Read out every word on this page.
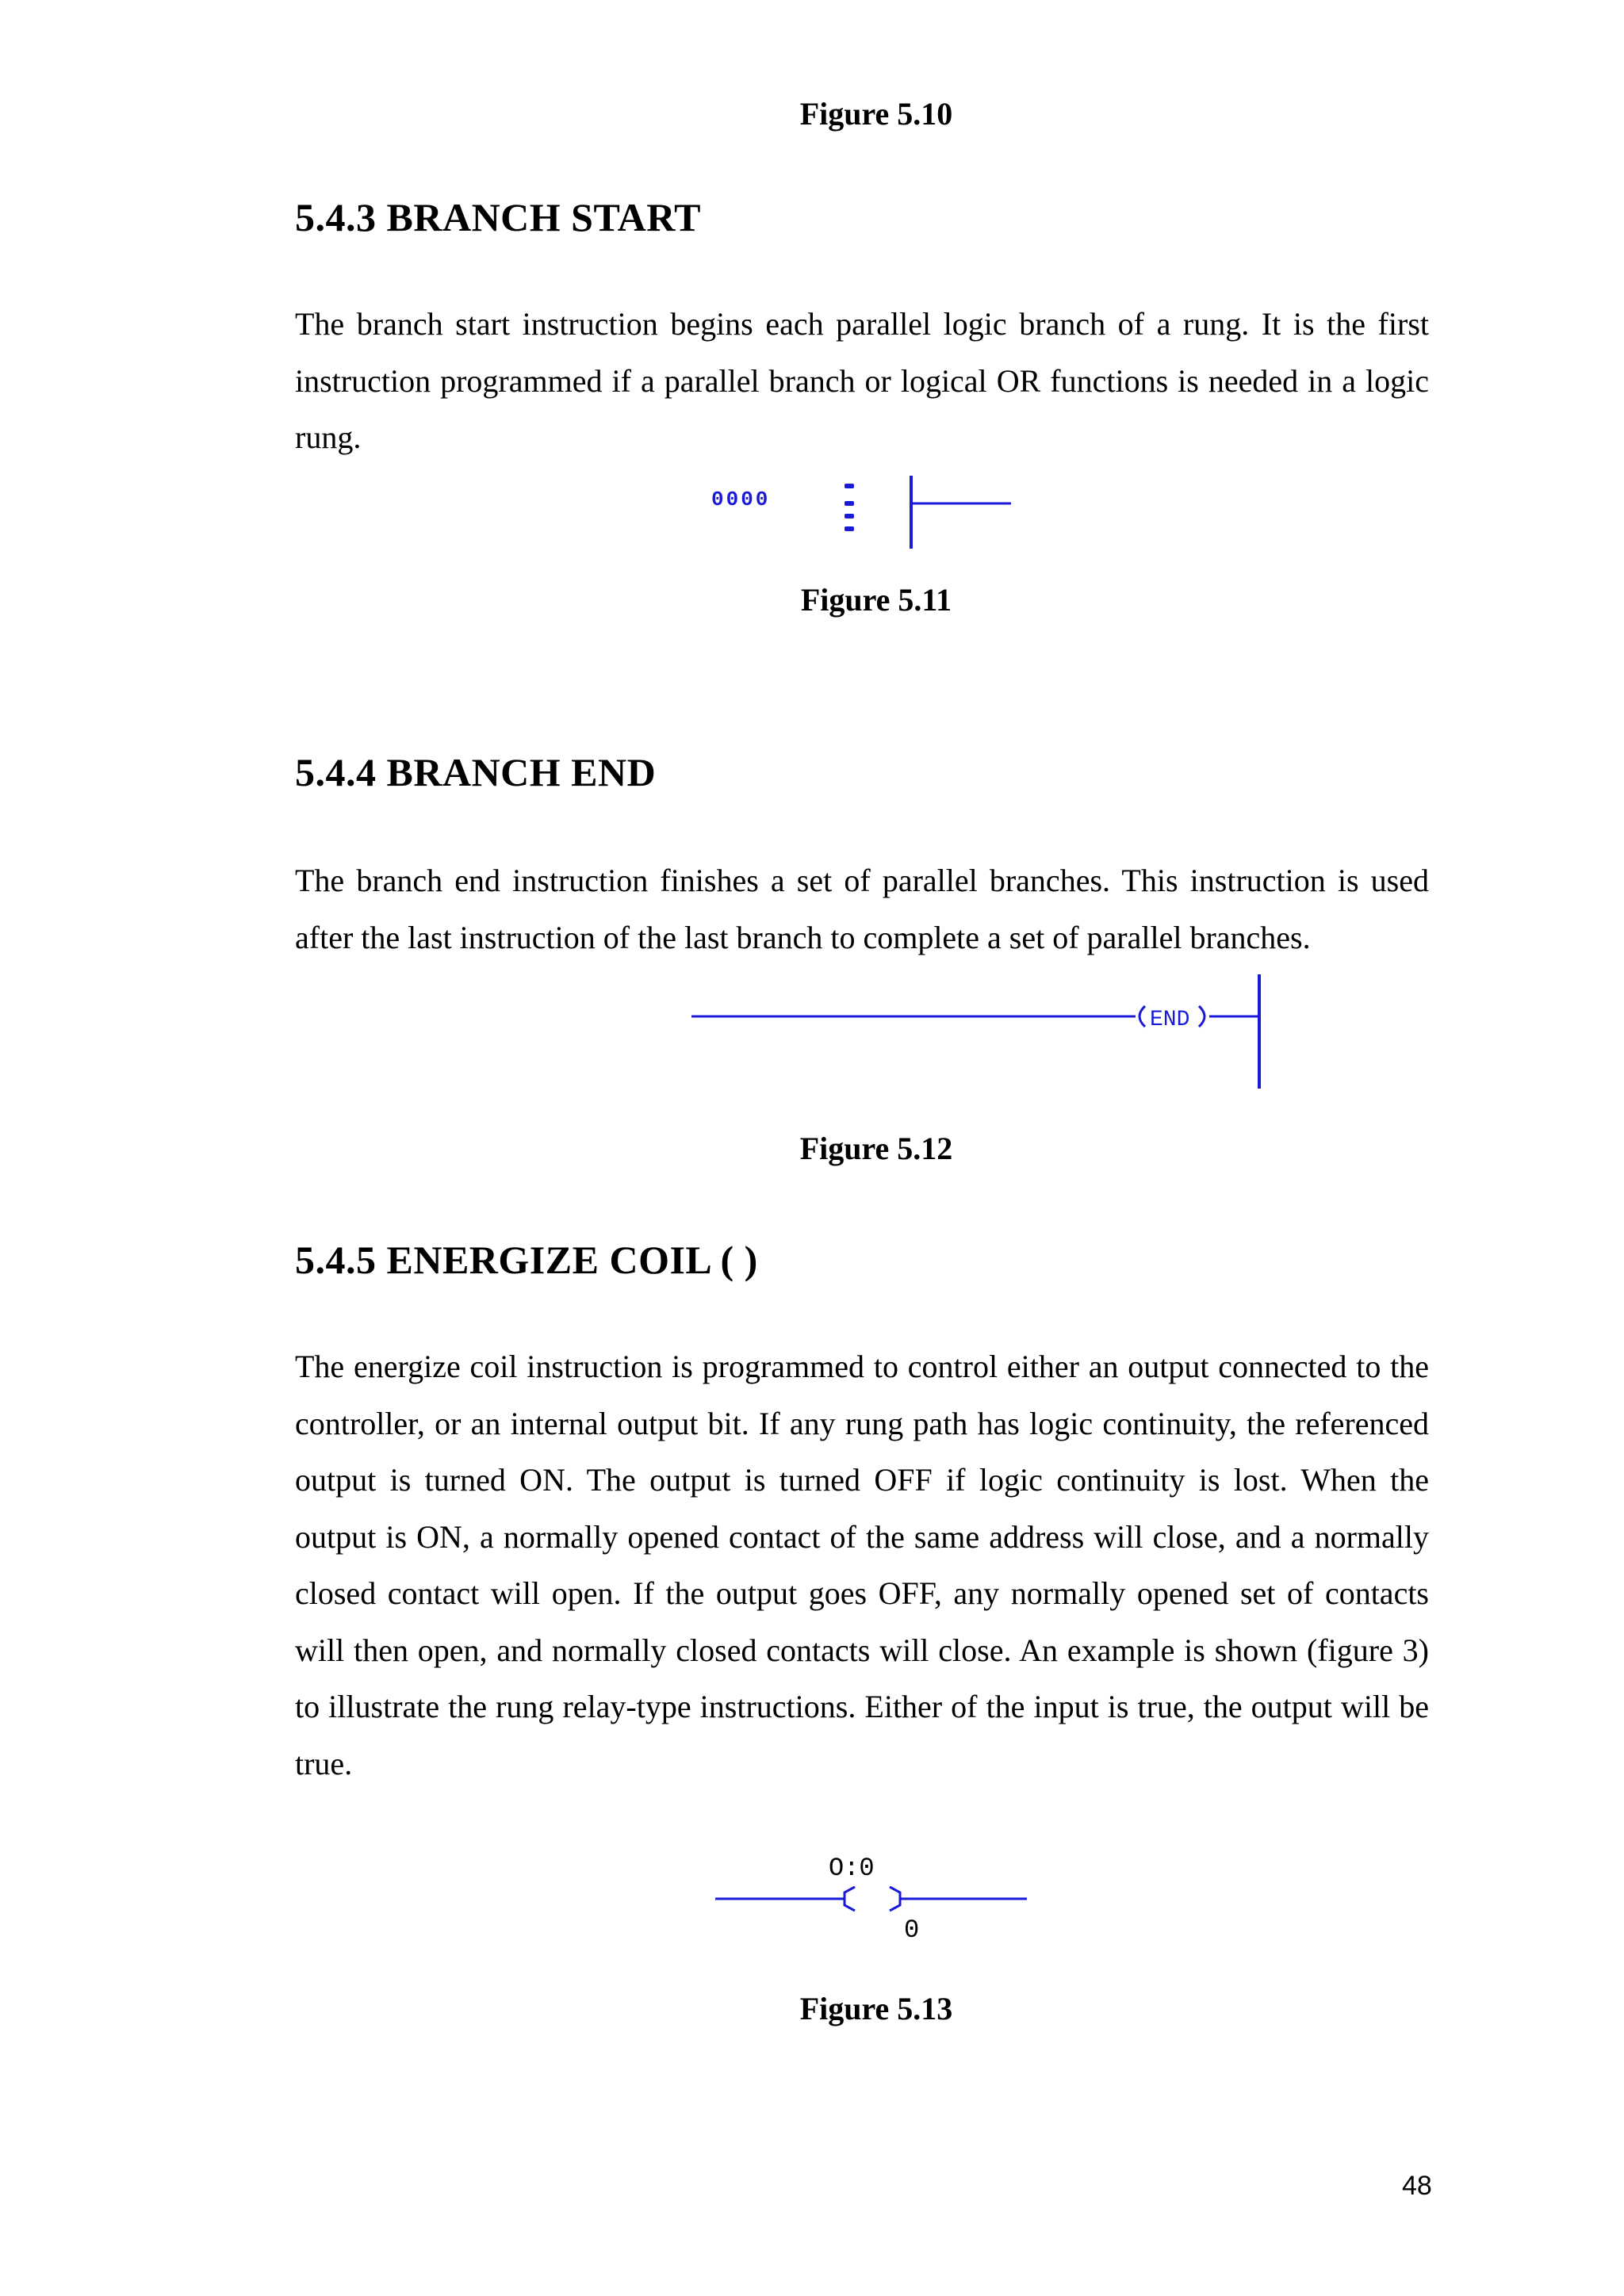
Figure 5.10
5.4.3 BRANCH START

The branch start instruction begins each parallel logic branch of a rung. It is the first instruction programmed if a parallel branch or logical OR functions is needed in a logic rung.

0000
Figure 5.11
5.4.4 BRANCH END

The branch end instruction finishes a set of parallel branches. This instruction is used after the last instruction of the last branch to complete a set of parallel branches.

END
Figure 5.12
5.4.5 ENERGIZE COIL ( )

The energize coil instruction is programmed to control either an output connected to the controller, or an internal output bit. If any rung path has logic continuity, the referenced output is turned ON. The output is turned OFF if logic continuity is lost. When the output is ON, a normally opened contact of the same address will close, and a normally closed contact will open. If the output goes OFF, any normally opened set of contacts will then open, and normally closed contacts will close. An example is shown (figure 3) to illustrate the rung relay-type instructions. Either of the input is true, the output will be true.

O:0
0
Figure 5.13
48
